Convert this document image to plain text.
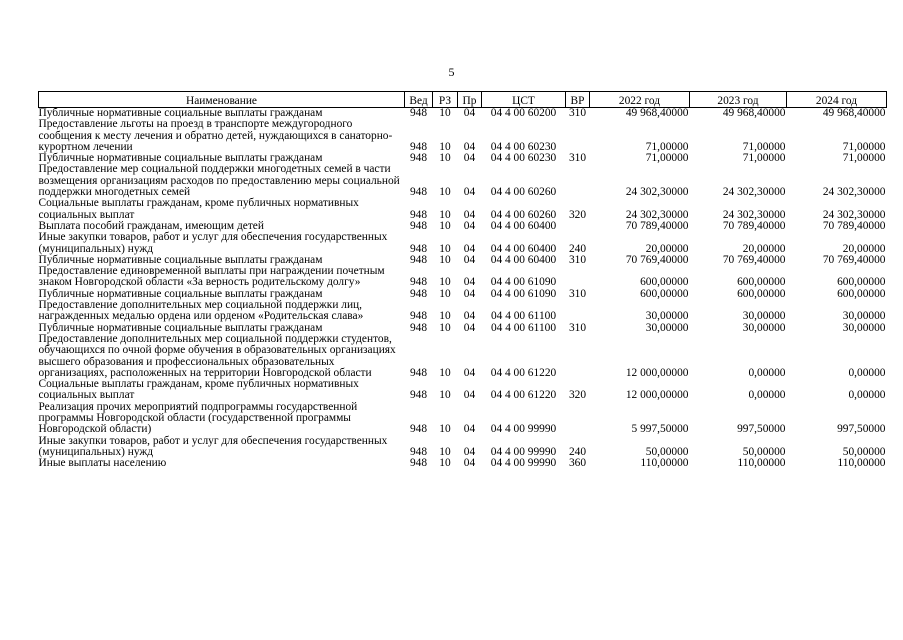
5
Наименование	Вед	РЗ	Пр	ЦСТ	ВР	2022 год	2023 год	2024 год
Публичные нормативные социальные выплаты гражданам	948	10	04	04 4 00 60200	310	49 968,40000	49 968,40000	49 968,40000
Предоставление льготы на проезд в транспорте междугородного сообщения к месту лечения и обратно детей, нуждающихся в санаторно-курортном лечении	948	10	04	04 4 00 60230		71,00000	71,00000	71,00000
Публичные нормативные социальные выплаты гражданам	948	10	04	04 4 00 60230	310	71,00000	71,00000	71,00000
Предоставление мер социальной поддержки многодетных семей в части возмещения организациям расходов по предоставлению меры социальной поддержки многодетных семей	948	10	04	04 4 00 60260		24 302,30000	24 302,30000	24 302,30000
Социальные выплаты гражданам, кроме публичных нормативных социальных выплат	948	10	04	04 4 00 60260	320	24 302,30000	24 302,30000	24 302,30000
Выплата пособий гражданам, имеющим детей	948	10	04	04 4 00 60400		70 789,40000	70 789,40000	70 789,40000
Иные закупки товаров, работ и услуг для обеспечения государственных (муниципальных) нужд	948	10	04	04 4 00 60400	240	20,00000	20,00000	20,00000
Публичные нормативные социальные выплаты гражданам	948	10	04	04 4 00 60400	310	70 769,40000	70 769,40000	70 769,40000
Предоставление единовременной выплаты при награждении почетным знаком Новгородской области «За верность родительскому долгу»	948	10	04	04 4 00 61090		600,00000	600,00000	600,00000
Публичные нормативные социальные выплаты гражданам	948	10	04	04 4 00 61090	310	600,00000	600,00000	600,00000
Предоставление дополнительных мер социальной поддержки лиц, награжденных медалью ордена или орденом «Родительская слава»	948	10	04	04 4 00 61100		30,00000	30,00000	30,00000
Публичные нормативные социальные выплаты гражданам	948	10	04	04 4 00 61100	310	30,00000	30,00000	30,00000
Предоставление дополнительных мер социальной поддержки студентов, обучающихся по очной форме обучения в образовательных организациях высшего образования и профессиональных образовательных организациях, расположенных на территории Новгородской области	948	10	04	04 4 00 61220		12 000,00000	0,00000	0,00000
Социальные выплаты гражданам, кроме публичных нормативных социальных выплат	948	10	04	04 4 00 61220	320	12 000,00000	0,00000	0,00000
Реализация прочих мероприятий подпрограммы государственной программы Новгородской области (государственной программы Новгородской области)	948	10	04	04 4 00 99990		5 997,50000	997,50000	997,50000
Иные закупки товаров, работ и услуг для обеспечения государственных (муниципальных) нужд	948	10	04	04 4 00 99990	240	50,00000	50,00000	50,00000
Иные выплаты населению	948	10	04	04 4 00 99990	360	110,00000	110,00000	110,00000
